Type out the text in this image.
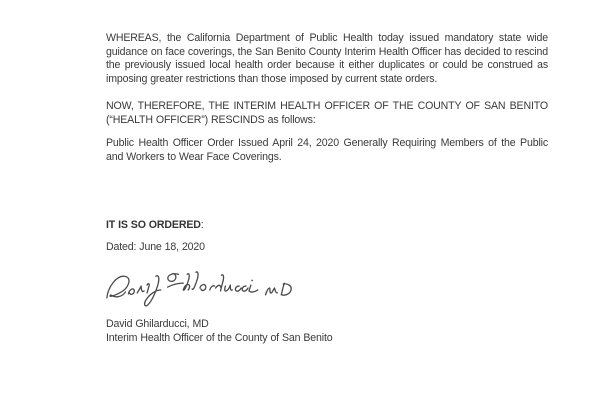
WHEREAS, the California Department of Public Health today issued mandatory state wide guidance on face coverings, the San Benito County Interim Health Officer has decided to rescind the previously issued local health order because it either duplicates or could be construed as imposing greater restrictions than those imposed by current state orders.

NOW, THEREFORE, THE INTERIM HEALTH OFFICER OF THE COUNTY OF SAN BENITO (“HEALTH OFFICER”) RESCINDS as follows:

Public Health Officer Order Issued April 24, 2020 Generally Requiring Members of the Public and Workers to Wear Face Coverings.

IT IS SO ORDERED:

Dated: June 18, 2020

David Ghilarducci, MD
Interim Health Officer of the County of San Benito
